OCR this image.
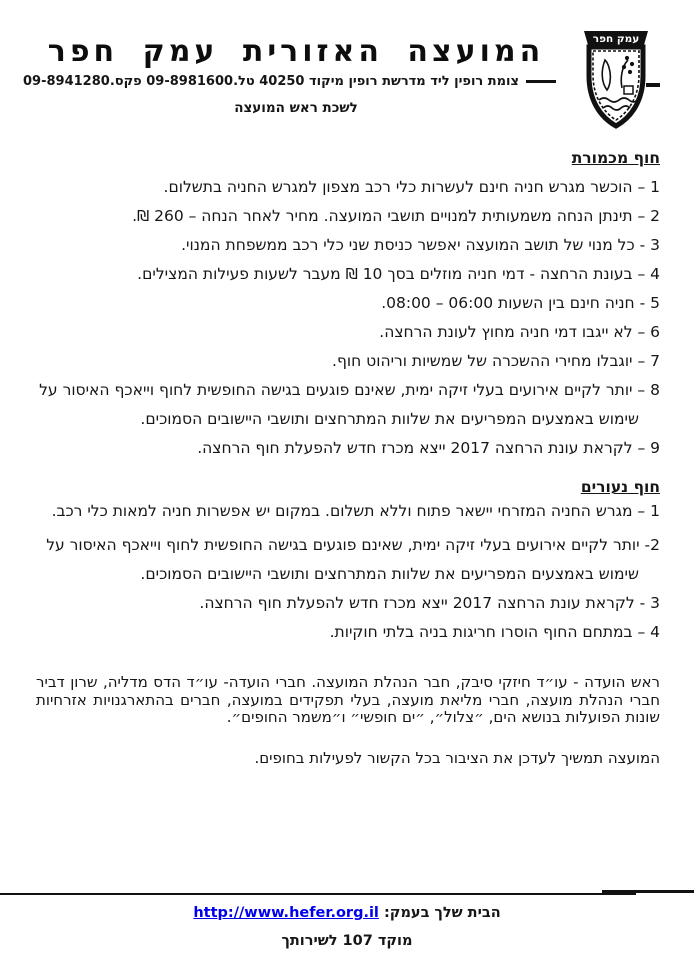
עמק חפר
המועצה האזורית עמק חפר
צומת רופין ליד מדרשת רופין מיקוד 40250 טל.09-8981600 פקס.09-8941280
לשכת ראש המועצה
חוף מכמורת
1 – הוכשר מגרש חניה חינם לעשרות כלי רכב מצפון למגרש החניה בתשלום.
2 – תינתן הנחה משמעותית למנויים תושבי המועצה. מחיר לאחר הנחה – 260 ₪.
3 - כל מנוי של תושב המועצה יאפשר כניסת שני כלי רכב ממשפחת המנוי.
4 – בעונת הרחצה - דמי חניה מוזלים בסך 10 ₪ מעבר לשעות פעילות המצילים.
5 - חניה חינם בין השעות 06:00 – 08:00.
6 – לא ייגבו דמי חניה מחוץ לעונת הרחצה.
7 – יוגבלו מחירי ההשכרה של שמשיות וריהוט חוף.
8 – יותר לקיים אירועים בעלי זיקה ימית, שאינם פוגעים בגישה החופשית לחוף וייאכף האיסור על שימוש באמצעים המפריעים את שלוות המתרחצים ותושבי היישובים הסמוכים.
9 – לקראת עונת הרחצה 2017 ייצא מכרז חדש להפעלת חוף הרחצה.
חוף נעורים
1 – מגרש החניה המזרחי יישאר פתוח וללא תשלום. במקום יש אפשרות חניה למאות כלי רכב.
2- יותר לקיים אירועים בעלי זיקה ימית, שאינם פוגעים בגישה החופשית לחוף וייאכף האיסור על שימוש באמצעים המפריעים את שלוות המתרחצים ותושבי היישובים הסמוכים.
3 - לקראת עונת הרחצה 2017 ייצא מכרז חדש להפעלת חוף הרחצה.
4 – במתחם החוף הוסרו חריגות בניה בלתי חוקיות.
ראש הועדה - עו״ד חיזקי סיבק, חבר הנהלת המועצה. חברי הועדה- עו״ד הדס מדליה, שרון דביר חברי הנהלת מועצה, חברי מליאת מועצה, בעלי תפקידים במועצה, חברים בהתארגנויות אזרחיות שונות הפועלות בנושא הים, ״צלול״, ״ים חופשי״ ו״משמר החופים״.
המועצה תמשיך לעדכן את הציבור בכל הקשור לפעילות בחופים.
הבית שלך בעמק: http://www.hefer.org.il
מוקד 107 לשירותך
